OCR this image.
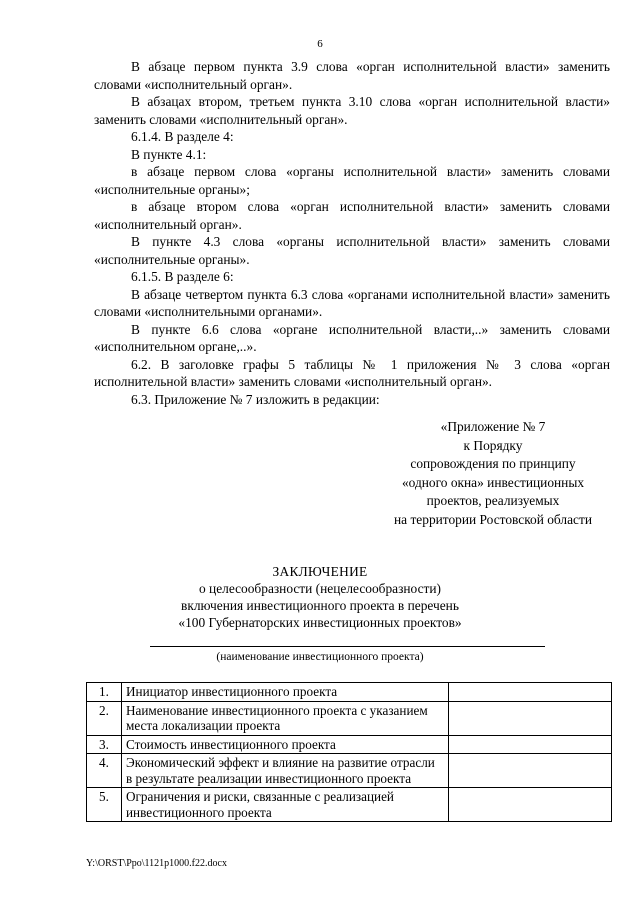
6

В абзаце первом пункта 3.9 слова «орган исполнительной власти» заменить словами «исполнительный орган».

В абзацах втором, третьем пункта 3.10 слова «орган исполнительной власти» заменить словами «исполнительный орган».

6.1.4. В разделе 4:

В пункте 4.1:

в абзаце первом слова «органы исполнительной власти» заменить словами «исполнительные органы»;

в абзаце втором слова «орган исполнительной власти» заменить словами «исполнительный орган».

В пункте 4.3 слова «органы исполнительной власти» заменить словами «исполнительные органы».

6.1.5. В разделе 6:

В абзаце четвертом пункта 6.3 слова «органами исполнительной власти» заменить словами «исполнительными органами».

В пункте 6.6 слова «органе исполнительной власти,..» заменить словами «исполнительном органе,..».

6.2. В заголовке графы 5 таблицы № 1 приложения № 3 слова «орган исполнительной власти» заменить словами «исполнительный орган».

6.3. Приложение № 7 изложить в редакции:

«Приложение № 7
к Порядку
сопровождения по принципу
«одного окна» инвестиционных
проектов, реализуемых
на территории Ростовской области
ЗАКЛЮЧЕНИЕ
о целесообразности (нецелесообразности)
включения инвестиционного проекта в перечень
«100 Губернаторских инвестиционных проектов»
(наименование инвестиционного проекта)
1.	Инициатор инвестиционного проекта	
2.	Наименование инвестиционного проекта с указанием места локализации проекта	
3.	Стоимость инвестиционного проекта	
4.	Экономический эффект и влияние на развитие отрасли в результате реализации инвестиционного проекта	
5.	Ограничения и риски, связанные с реализацией инвестиционного проекта	
Y:\ORST\Ppo\1121p1000.f22.docx
